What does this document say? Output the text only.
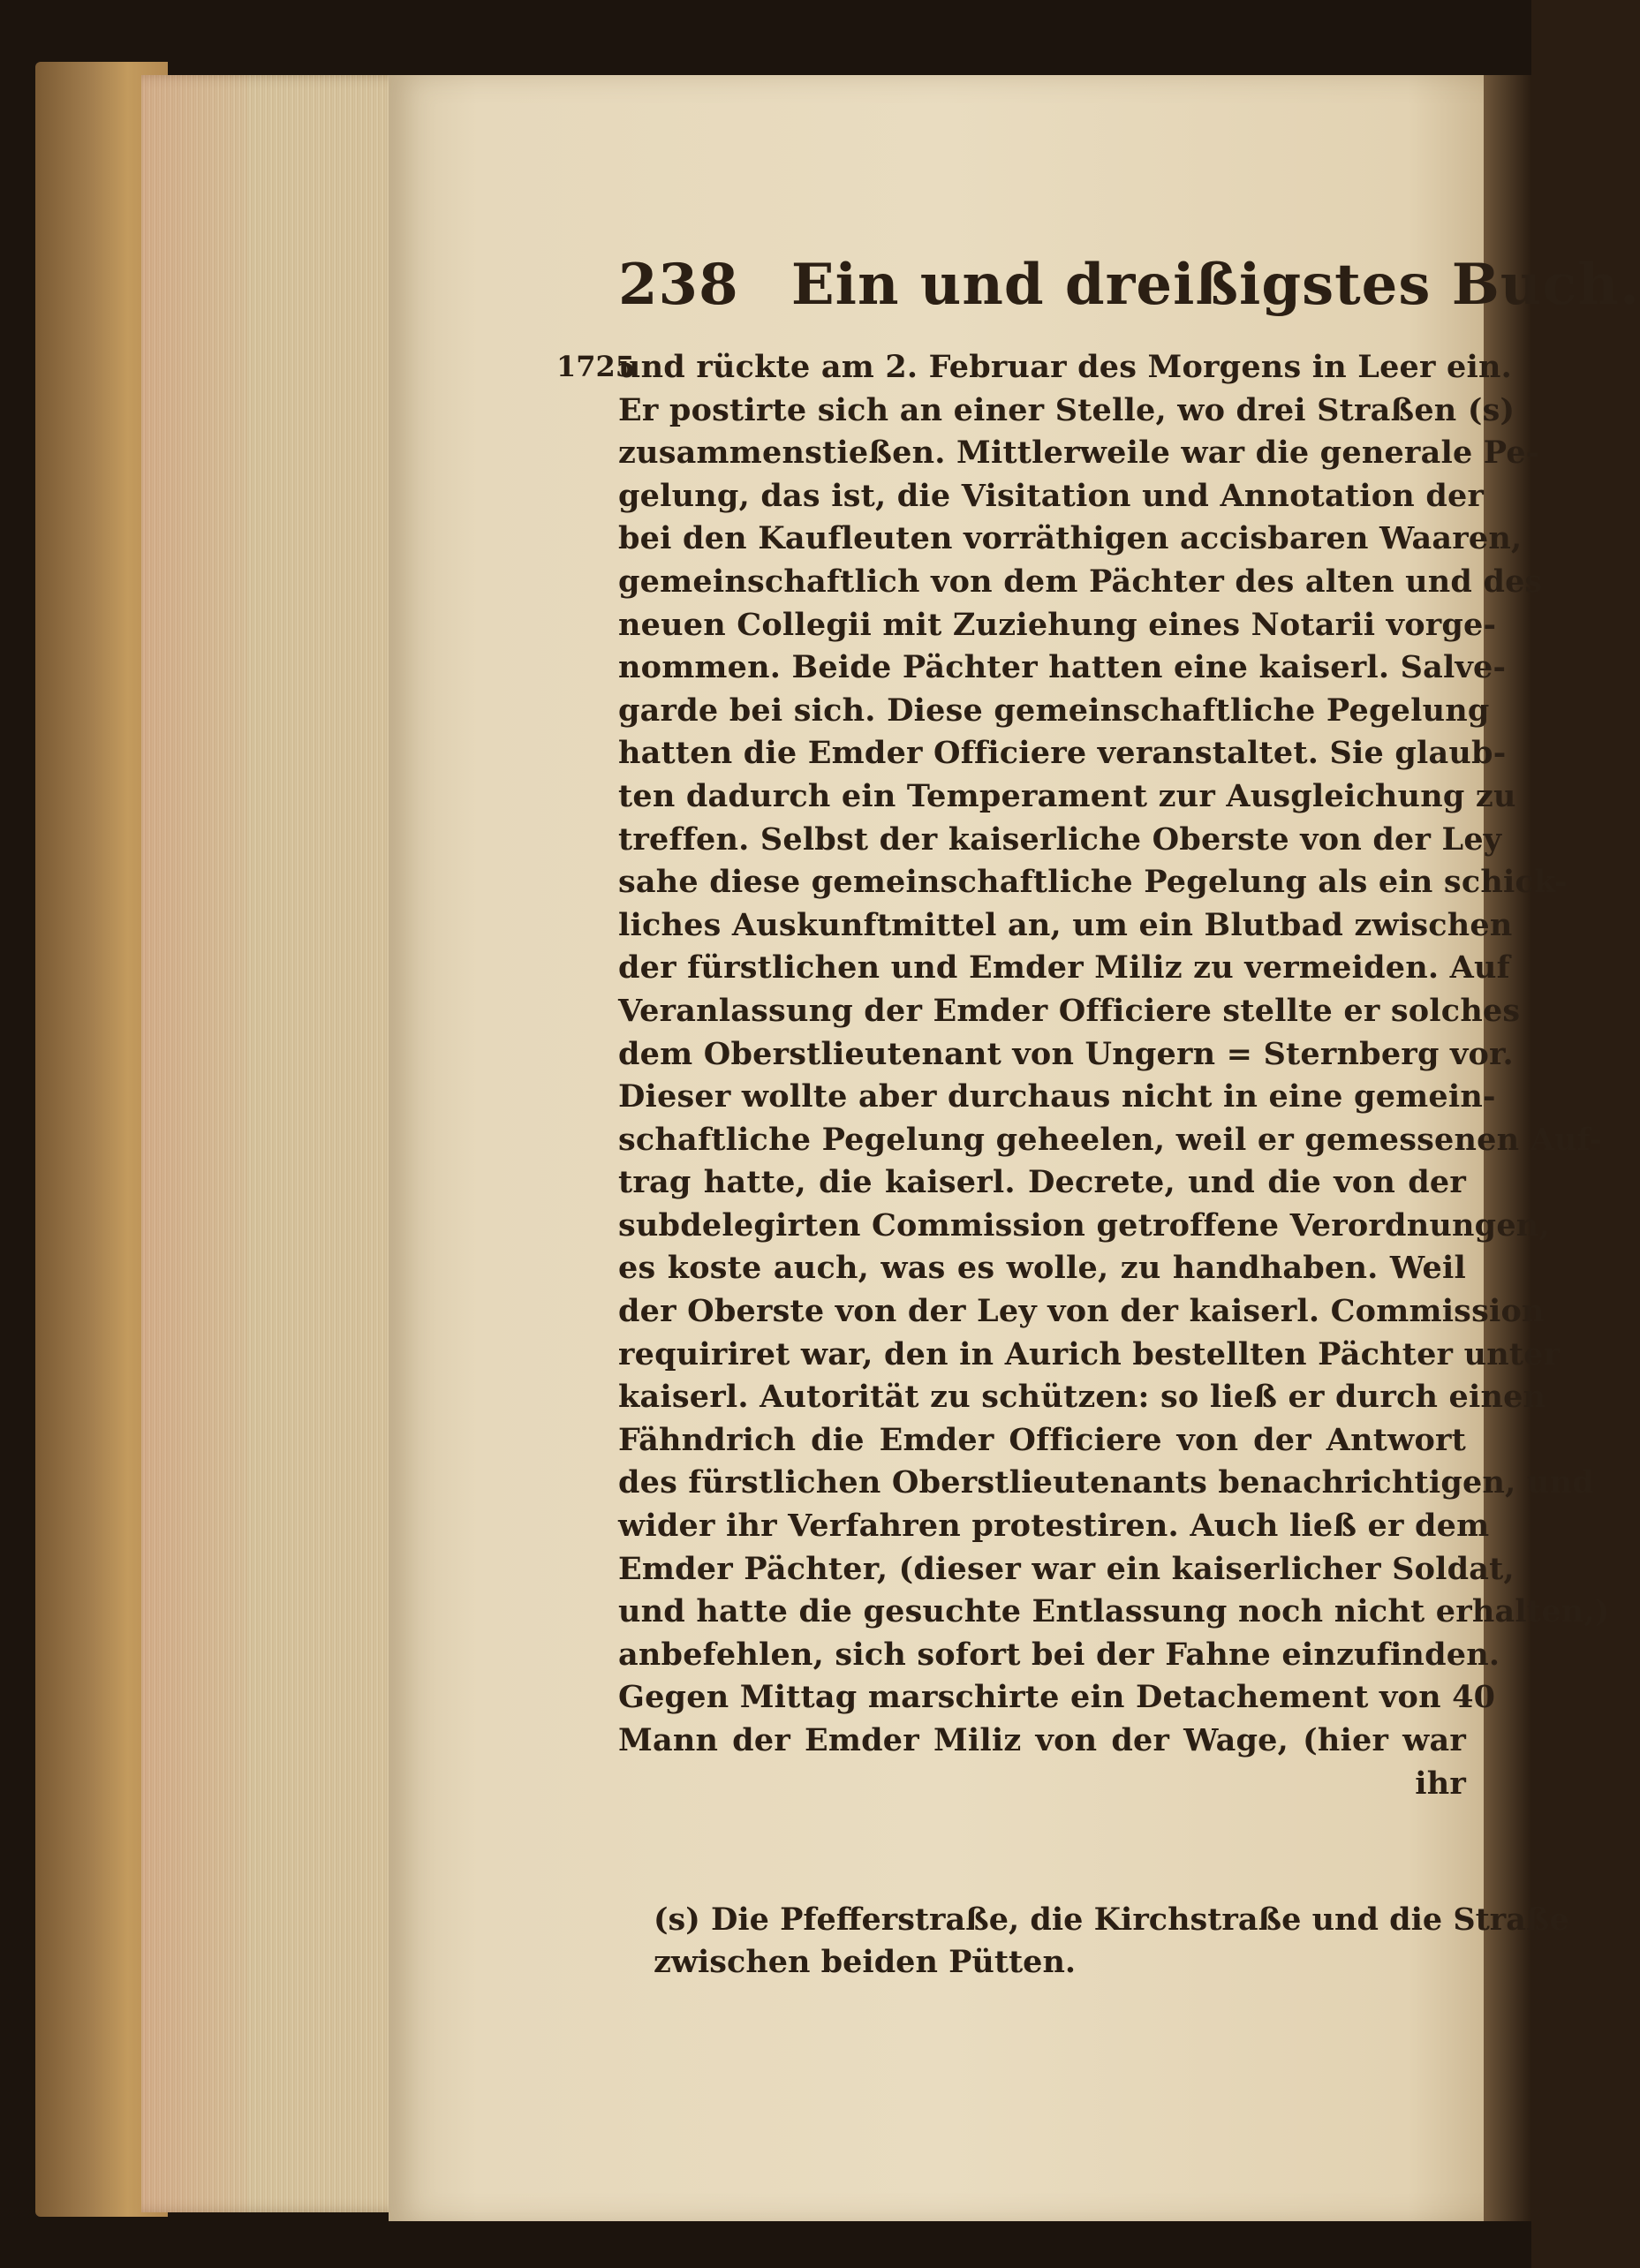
238 Ein und dreißigstes Buch.
1725
und rückte am 2. Februar des Morgens in Leer ein.
Er postirte sich an einer Stelle, wo drei Straßen (s)
zusammenstießen. Mittlerweile war die generale Pe-
gelung, das ist, die Visitation und Annotation der
bei den Kaufleuten vorräthigen accisbaren Waaren,
gemeinschaftlich von dem Pächter des alten und des
neuen Collegii mit Zuziehung eines Notarii vorge-
nommen. Beide Pächter hatten eine kaiserl. Salve-
garde bei sich. Diese gemeinschaftliche Pegelung
hatten die Emder Officiere veranstaltet. Sie glaub-
ten dadurch ein Temperament zur Ausgleichung zu
treffen. Selbst der kaiserliche Oberste von der Ley
sahe diese gemeinschaftliche Pegelung als ein schick-
liches Auskunftmittel an, um ein Blutbad zwischen
der fürstlichen und Emder Miliz zu vermeiden. Auf
Veranlassung der Emder Officiere stellte er solches
dem Oberstlieutenant von Ungern = Sternberg vor.
Dieser wollte aber durchaus nicht in eine gemein-
schaftliche Pegelung geheelen, weil er gemessenen Auf-
trag hatte, die kaiserl. Decrete, und die von der
subdelegirten Commission getroffene Verordnungen,
es koste auch, was es wolle, zu handhaben. Weil
der Oberste von der Ley von der kaiserl. Commission
requiriret war, den in Aurich bestellten Pächter unter
kaiserl. Autorität zu schützen: so ließ er durch einen
Fähndrich die Emder Officiere von der Antwort
des fürstlichen Oberstlieutenants benachrichtigen, und
wider ihr Verfahren protestiren. Auch ließ er dem
Emder Pächter, (dieser war ein kaiserlicher Soldat,
und hatte die gesuchte Entlassung noch nicht erhalten,)
anbefehlen, sich sofort bei der Fahne einzufinden.
Gegen Mittag marschirte ein Detachement von 40
Mann der Emder Miliz von der Wage, (hier war
ihr
(s) Die Pfefferstraße, die Kirchstraße und die Straße
zwischen beiden Pütten.
